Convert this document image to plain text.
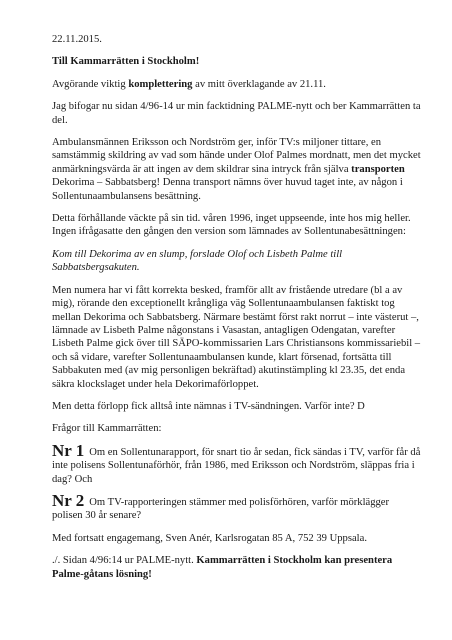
22.11.2015.

Till Kammarrätten i Stockholm!

Avgörande viktig komplettering av mitt överklagande av 21.11.

Jag bifogar nu sidan 4/96-14 ur min facktidning PALME-nytt och ber Kammarrätten ta del.

Ambulansmännen Eriksson och Nordström ger, inför TV:s miljoner tittare, en samstämmig skildring av vad som hände under Olof Palmes mordnatt, men det mycket anmärkningsvärda är att ingen av dem skildrar sina intryck från själva transporten Dekorima – Sabbatsberg! Denna transport nämns över huvud taget inte, av någon i Sollentunaambulansens besättning.

Detta förhållande väckte på sin tid. våren 1996, inget uppseende, inte hos mig heller. Ingen ifrågasatte den gången den version som lämnades av Sollentunabesättningen:

Kom till Dekorima av en slump, forslade Olof och Lisbeth Palme till Sabbatsbergsakuten.

Men numera har vi fått korrekta besked, framför allt av fristående utredare (bl a av mig), rörande den exceptionellt krångliga väg Sollentunaambulansen faktiskt tog mellan Dekorima och Sabbatsberg. Närmare bestämt först rakt norrut – inte västerut –, lämnade av Lisbeth Palme någonstans i Vasastan, antagligen Odengatan, varefter Lisbeth Palme gick över till SÄPO-kommissarien Lars Christiansons kommissariebil – och så vidare, varefter Sollentunaambulansen kunde, klart försenad, fortsätta till Sabbakuten med (av mig personligen bekräftad) akutinstämpling kl 23.35, det enda säkra klockslaget under hela Dekorimaförloppet.

Men detta förlopp fick alltså inte nämnas i TV-sändningen. Varför inte? D

Frågor till Kammarrätten:

Nr 1 Om en Sollentunarapport, för snart tio år sedan, fick sändas i TV, varför får då inte polisens Sollentunaförhör, från 1986, med Eriksson och Nordström, släppas fria i dag? Och

Nr 2 Om TV-rapporteringen stämmer med polisförhören, varför mörklägger polisen 30 år senare?

Med fortsatt engagemang, Sven Anér, Karlsrogatan 85 A, 752 39 Uppsala.

./. Sidan 4/96:14 ur PALME-nytt. Kammarrätten i Stockholm kan presentera Palme-gåtans lösning!
